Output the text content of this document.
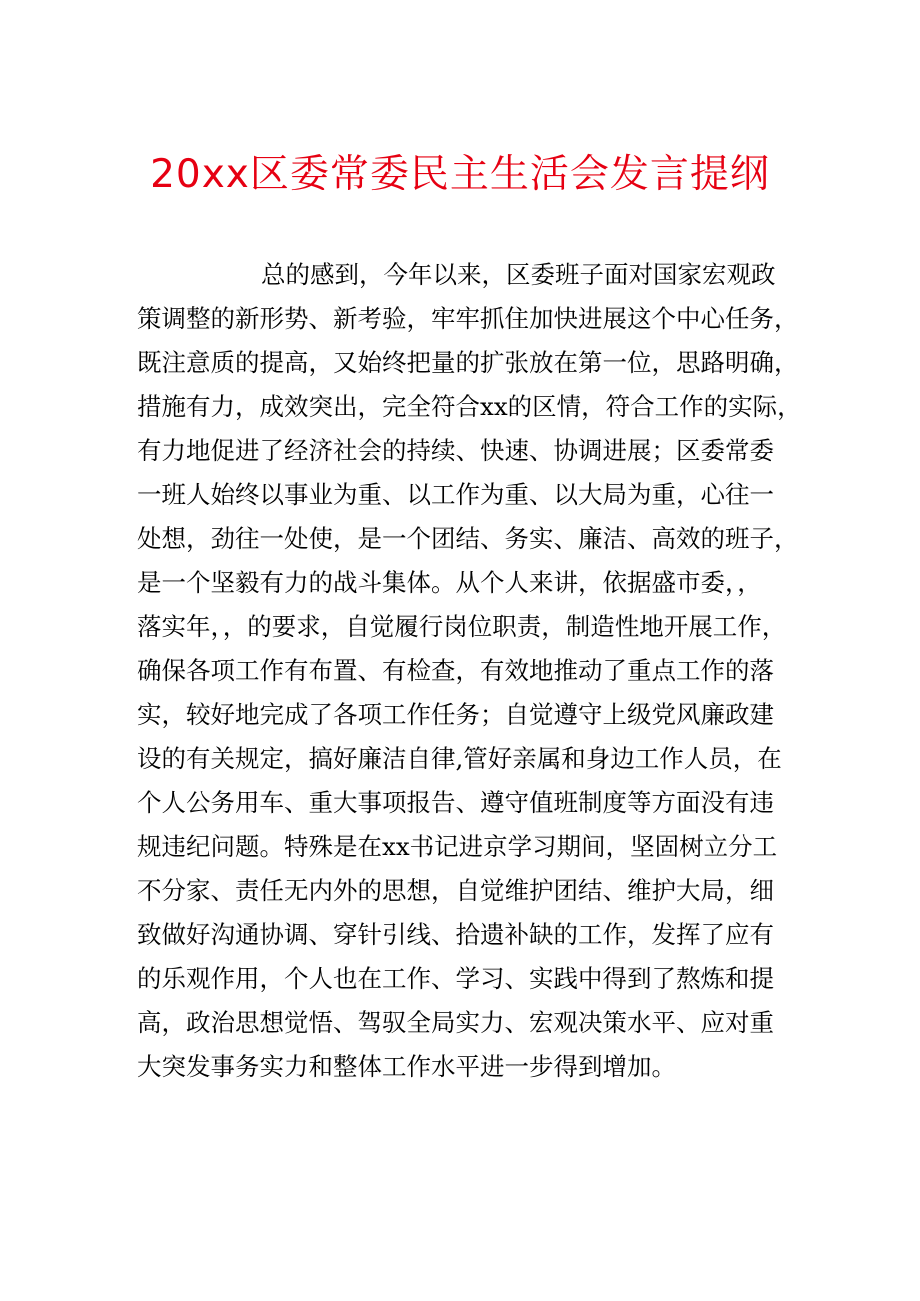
20xx区委常委民主生活会发言提纲
总的感到，今年以来，区委班子面对国家宏观政
策调整的新形势、新考验，牢牢抓住加快进展这个中心任务，
既注意质的提高，又始终把量的扩张放在第一位，思路明确，
措施有力，成效突出，完全符合xx的区情，符合工作的实际，
有力地促进了经济社会的持续、快速、协调进展；区委常委
一班人始终以事业为重、以工作为重、以大局为重，心往一
处想，劲往一处使，是一个团结、务实、廉洁、高效的班子，
是一个坚毅有力的战斗集体。从个人来讲，依据盛市委，，
落实年，，的要求，自觉履行岗位职责，制造性地开展工作，
确保各项工作有布置、有检查，有效地推动了重点工作的落
实，较好地完成了各项工作任务；自觉遵守上级党风廉政建
设的有关规定，搞好廉洁自律,管好亲属和身边工作人员，在
个人公务用车、重大事项报告、遵守值班制度等方面没有违
规违纪问题。特殊是在xx书记进京学习期间，坚固树立分工
不分家、责任无内外的思想，自觉维护团结、维护大局，细
致做好沟通协调、穿针引线、拾遗补缺的工作，发挥了应有
的乐观作用，个人也在工作、学习、实践中得到了熬炼和提
高，政治思想觉悟、驾驭全局实力、宏观决策水平、应对重
大突发事务实力和整体工作水平进一步得到增加。
